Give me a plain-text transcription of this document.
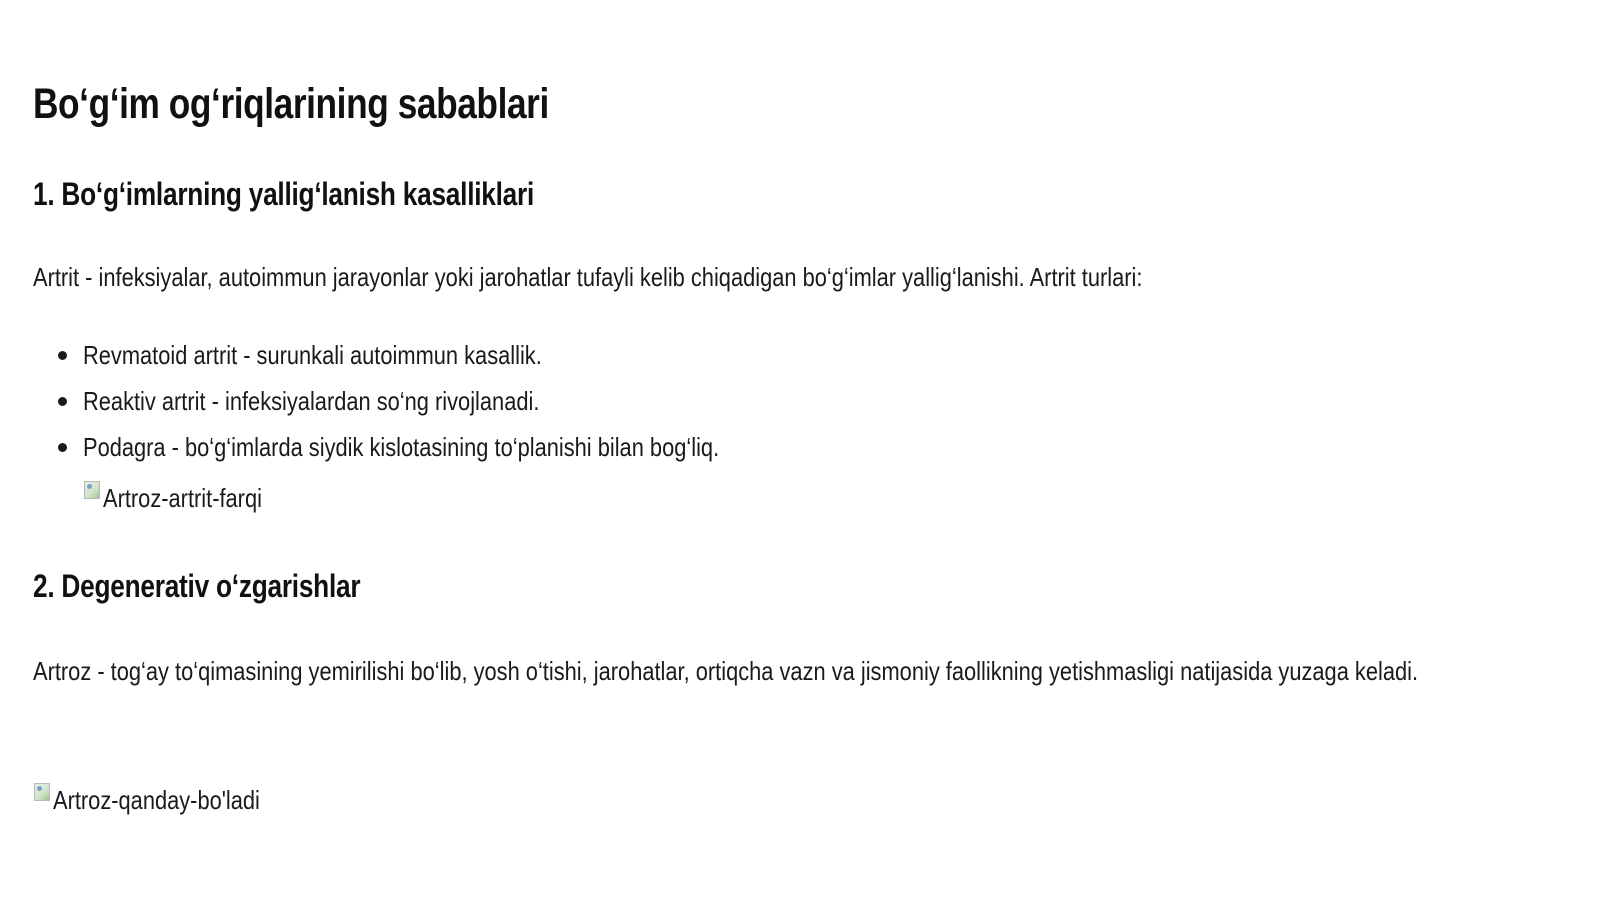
Bo‘g‘im og‘riqlarining sabablari
1. Bo‘g‘imlarning yallig‘lanish kasalliklari

Artrit - infeksiyalar, autoimmun jarayonlar yoki jarohatlar tufayli kelib chiqadigan bo‘g‘imlar yallig‘lanishi. Artrit turlari:

Revmatoid artrit - surunkali autoimmun kasallik.
Reaktiv artrit - infeksiyalardan so‘ng rivojlanadi.
Podagra - bo‘g‘imlarda siydik kislotasining to‘planishi bilan bog‘liq.
Artroz-artrit-farqi
2. Degenerativ o‘zgarishlar

Artroz - tog‘ay to‘qimasining yemirilishi bo‘lib, yosh o‘tishi, jarohatlar, ortiqcha vazn va jismoniy faollikning yetishmasligi natijasida yuzaga keladi.

Artroz-qanday-bo'ladi
